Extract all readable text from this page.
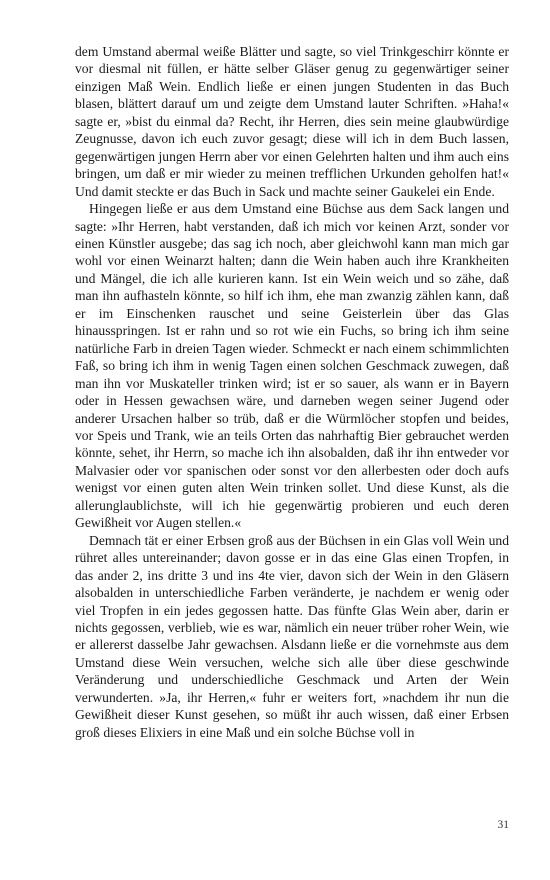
dem Umstand abermal weiße Blätter und sagte, so viel Trinkgeschirr könnte er vor diesmal nit füllen, er hätte selber Gläser genug zu gegenwärtiger seiner einzigen Maß Wein. Endlich ließe er einen jungen Studenten in das Buch blasen, blättert darauf um und zeigte dem Umstand lauter Schriften. »Haha!« sagte er, »bist du einmal da? Recht, ihr Herren, dies sein meine glaubwürdige Zeugnusse, davon ich euch zuvor gesagt; diese will ich in dem Buch lassen, gegenwärtigen jungen Herrn aber vor einen Gelehrten halten und ihm auch eins bringen, um daß er mir wieder zu meinen trefflichen Urkunden geholfen hat!« Und damit steckte er das Buch in Sack und machte seiner Gaukelei ein Ende.

Hingegen ließe er aus dem Umstand eine Büchse aus dem Sack langen und sagte: »Ihr Herren, habt verstanden, daß ich mich vor keinen Arzt, sonder vor einen Künstler ausgebe; das sag ich noch, aber gleichwohl kann man mich gar wohl vor einen Weinarzt halten; dann die Wein haben auch ihre Krankheiten und Mängel, die ich alle kurieren kann. Ist ein Wein weich und so zähe, daß man ihn aufhasteln könnte, so hilf ich ihm, ehe man zwanzig zählen kann, daß er im Einschenken rauschet und seine Geisterlein über das Glas hinausspringen. Ist er rahn und so rot wie ein Fuchs, so bring ich ihm seine natürliche Farb in dreien Tagen wieder. Schmeckt er nach einem schimmlichten Faß, so bring ich ihm in wenig Tagen einen solchen Geschmack zuwegen, daß man ihn vor Muskateller trinken wird; ist er so sauer, als wann er in Bayern oder in Hessen gewachsen wäre, und darneben wegen seiner Jugend oder anderer Ursachen halber so trüb, daß er die Würmlöcher stopfen und beides, vor Speis und Trank, wie an teils Orten das nahrhaftig Bier gebrauchet werden könnte, sehet, ihr Herrn, so mache ich ihn alsobalden, daß ihr ihn entweder vor Malvasier oder vor spanischen oder sonst vor den allerbesten oder doch aufs wenigst vor einen guten alten Wein trinken sollet. Und diese Kunst, als die allerunglaublichste, will ich hie gegenwärtig probieren und euch deren Gewißheit vor Augen stellen.«

Demnach tät er einer Erbsen groß aus der Büchsen in ein Glas voll Wein und rühret alles untereinander; davon gosse er in das eine Glas einen Tropfen, in das ander 2, ins dritte 3 und ins 4te vier, davon sich der Wein in den Gläsern alsobalden in unterschiedliche Farben veränderte, je nachdem er wenig oder viel Tropfen in ein jedes gegossen hatte. Das fünfte Glas Wein aber, darin er nichts gegossen, verblieb, wie es war, nämlich ein neuer trüber roher Wein, wie er allererst dasselbe Jahr gewachsen. Alsdann ließe er die vornehmste aus dem Umstand diese Wein versuchen, welche sich alle über diese geschwinde Veränderung und underschiedliche Geschmack und Arten der Wein verwunderten. »Ja, ihr Herren,« fuhr er weiters fort, »nachdem ihr nun die Gewißheit dieser Kunst gesehen, so müßt ihr auch wissen, daß einer Erbsen groß dieses Elixiers in eine Maß und ein solche Büchse voll in

31
